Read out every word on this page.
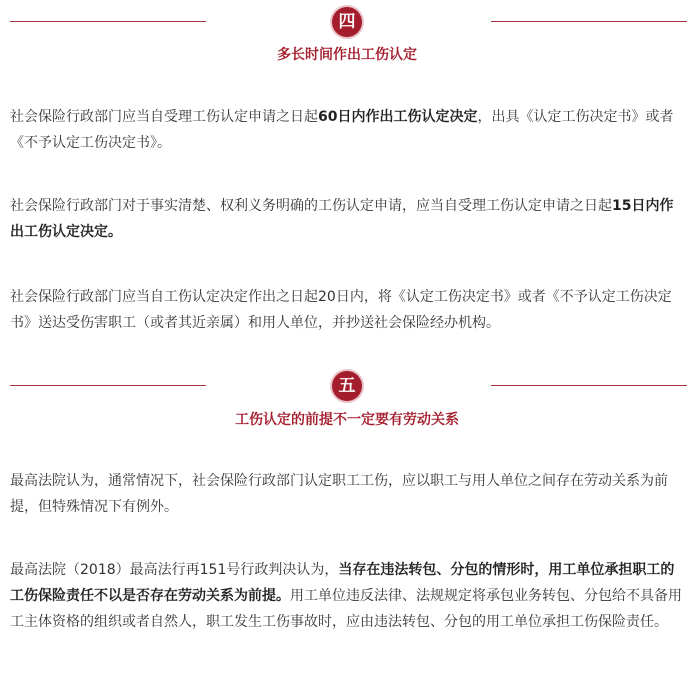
四
多长时间作出工伤认定
社会保险行政部门应当自受理工伤认定申请之日起60日内作出工伤认定决定，出具《认定工伤决定书》或者《不予认定工伤决定书》。
社会保险行政部门对于事实清楚、权利义务明确的工伤认定申请，应当自受理工伤认定申请之日起15日内作出工伤认定决定。
社会保险行政部门应当自工伤认定决定作出之日起20日内，将《认定工伤决定书》或者《不予认定工伤决定书》送达受伤害职工（或者其近亲属）和用人单位，并抄送社会保险经办机构。
五
工伤认定的前提不一定要有劳动关系
最高法院认为，通常情况下，社会保险行政部门认定职工工伤，应以职工与用人单位之间存在劳动关系为前提，但特殊情况下有例外。
最高法院（2018）最高法行再151号行政判决认为，当存在违法转包、分包的情形时，用工单位承担职工的工伤保险责任不以是否存在劳动关系为前提。用工单位违反法律、法规规定将承包业务转包、分包给不具备用工主体资格的组织或者自然人，职工发生工伤事故时，应由违法转包、分包的用工单位承担工伤保险责任。
